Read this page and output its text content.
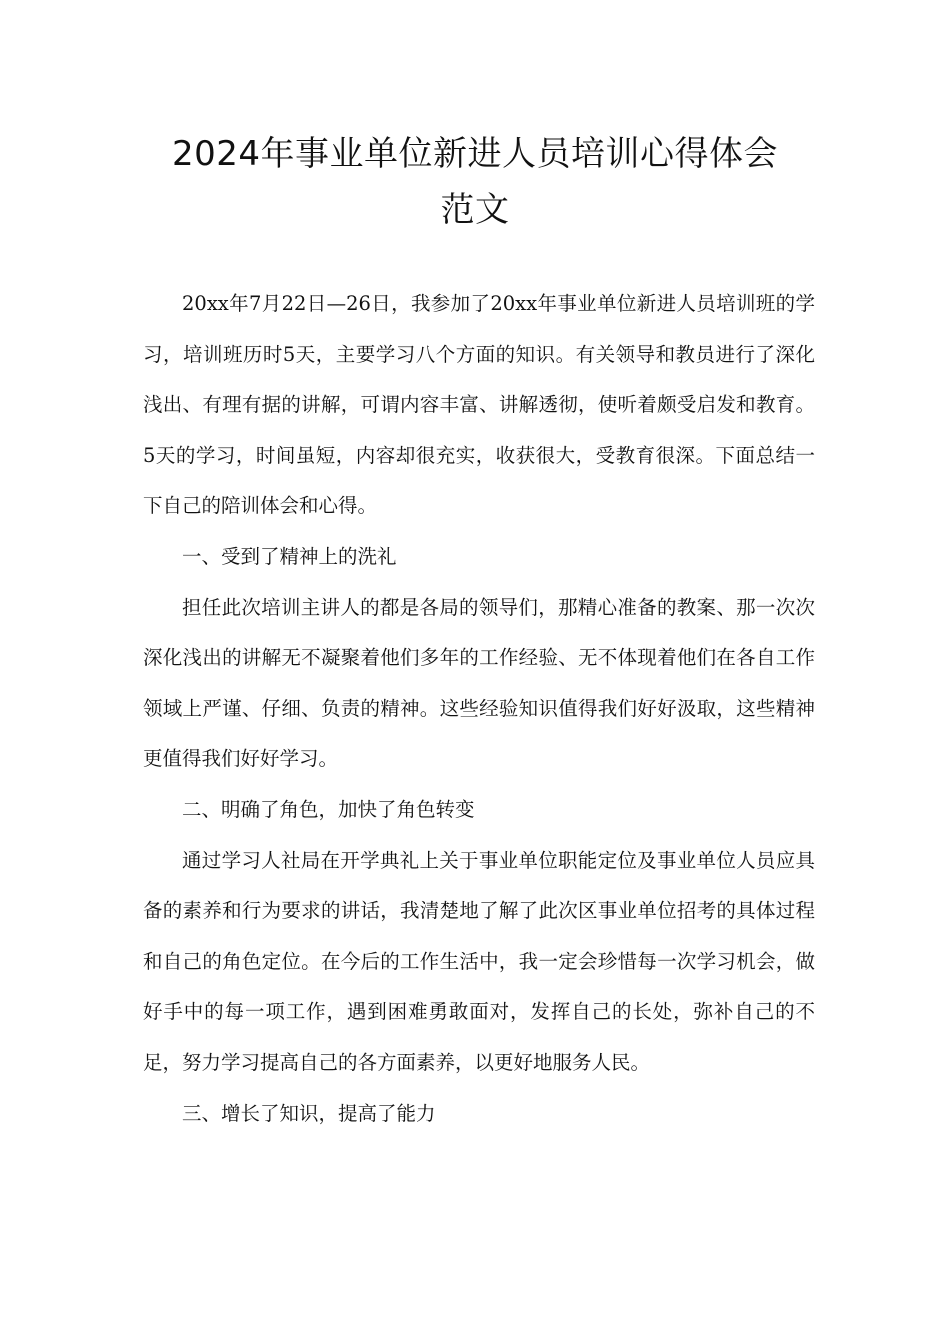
2024年事业单位新进人员培训心得体会
范文

20xx年7月22日—26日，我参加了20xx年事业单位新进人员培训班的学习，培训班历时5天，主要学习八个方面的知识。有关领导和教员进行了深化浅出、有理有据的讲解，可谓内容丰富、讲解透彻，使听着颇受启发和教育。5天的学习，时间虽短，内容却很充实，收获很大，受教育很深。下面总结一下自己的陪训体会和心得。

一、受到了精神上的洗礼

担任此次培训主讲人的都是各局的领导们，那精心准备的教案、那一次次深化浅出的讲解无不凝聚着他们多年的工作经验、无不体现着他们在各自工作领域上严谨、仔细、负责的精神。这些经验知识值得我们好好汲取，这些精神更值得我们好好学习。

二、明确了角色，加快了角色转变

通过学习人社局在开学典礼上关于事业单位职能定位及事业单位人员应具备的素养和行为要求的讲话，我清楚地了解了此次区事业单位招考的具体过程和自己的角色定位。在今后的工作生活中，我一定会珍惜每一次学习机会，做好手中的每一项工作，遇到困难勇敢面对，发挥自己的长处，弥补自己的不足，努力学习提高自己的各方面素养，以更好地服务人民。

三、增长了知识，提高了能力
